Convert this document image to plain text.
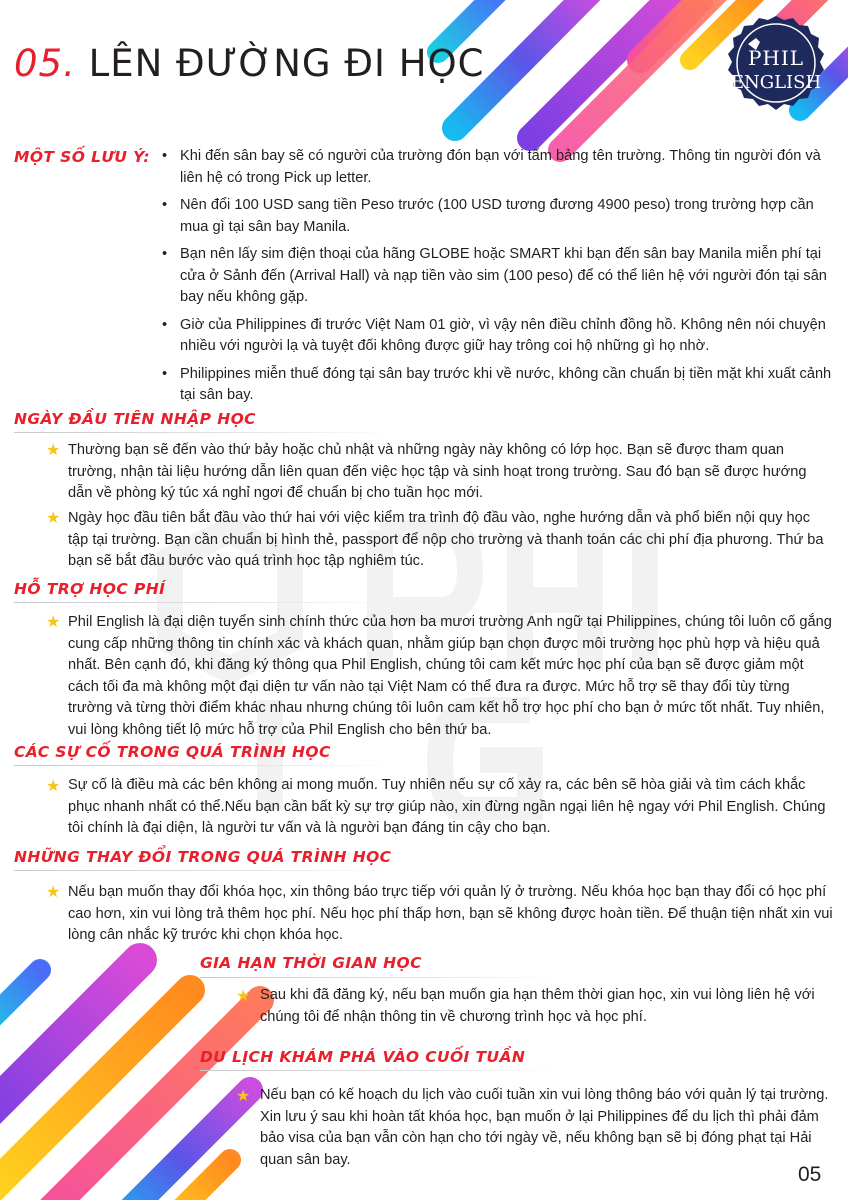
05. LÊN ĐƯỜNG ĐI HỌC	PHIL
ENGLISH
MỘT SỐ LƯU Ý: • Khi đến sân bay sẽ có người của trường đón bạn với tấm bảng tên trường. Thông tin người đón và liên hệ có trong Pick up letter.
• Nên đổi 100 USD sang tiền Peso trước (100 USD tương đương 4900 peso) trong trường hợp cần mua gì tại sân bay Manila.
• Bạn nên lấy sim điện thoại của hãng GLOBE hoặc SMART khi bạn đến sân bay Manila miễn phí tại cửa ở Sảnh đến (Arrival Hall) và nạp tiền vào sim (100 peso) để có thể liên hệ với người đón tại sân bay nếu không gặp.
• Giờ của Philippines đi trước Việt Nam 01 giờ, vì vậy nên điều chỉnh đồng hồ. Không nên nói chuyện nhiều với người lạ và tuyệt đối không được giữ hay trông coi hộ những gì họ nhờ.
• Philippines miễn thuế đóng tại sân bay trước khi về nước, không cần chuẩn bị tiền mặt khi xuất cảnh tại sân bay.
NGÀY ĐẦU TIÊN NHẬP HỌC
★ Thường bạn sẽ đến vào thứ bảy hoặc chủ nhật và những ngày này không có lớp học. Bạn sẽ được tham quan trường, nhận tài liệu hướng dẫn liên quan đến việc học tập và sinh hoạt trong trường. Sau đó bạn sẽ được hướng dẫn về phòng ký túc xá nghỉ ngơi để chuẩn bị cho tuần học mới.
★ Ngày học đầu tiên bắt đầu vào thứ hai với việc kiểm tra trình độ đầu vào, nghe hướng dẫn và phổ biến nội quy học tập tại trường. Bạn cần chuẩn bị hình thẻ, passport để nộp cho trường và thanh toán các chi phí địa phương. Thứ ba bạn sẽ bắt đầu bước vào quá trình học tập nghiêm túc.
HỖ TRỢ HỌC PHÍ
★ Phil English là đại diện tuyển sinh chính thức của hơn ba mươi trường Anh ngữ tại Philippines, chúng tôi luôn cố gắng cung cấp những thông tin chính xác và khách quan, nhằm giúp bạn chọn được môi trường học phù hợp và hiệu quả nhất. Bên cạnh đó, khi đăng ký thông qua Phil English, chúng tôi cam kết mức học phí của bạn sẽ được giảm một cách tối đa mà không một đại diện tư vấn nào tại Việt Nam có thể đưa ra được. Mức hỗ trợ sẽ thay đổi tùy từng trường và từng thời điểm khác nhau nhưng chúng tôi luôn cam kết hỗ trợ học phí cho bạn ở mức tốt nhất. Tuy nhiên, vui lòng không tiết lộ mức hỗ trợ của Phil English cho bên thứ ba.
CÁC SỰ CỐ TRONG QUÁ TRÌNH HỌC
★ Sự cố là điều mà các bên không ai mong muốn. Tuy nhiên nếu sự cố xảy ra, các bên sẽ hòa giải và tìm cách khắc phục nhanh nhất có thể.Nếu bạn cần bất kỳ sự trợ giúp nào, xin đừng ngần ngại liên hệ ngay với Phil English. Chúng tôi chính là đại diện, là người tư vấn và là người bạn đáng tin cậy cho bạn.
NHỮNG THAY ĐỔI TRONG QUÁ TRÌNH HỌC
★ Nếu bạn muốn thay đổi khóa học, xin thông báo trực tiếp với quản lý ở trường. Nếu khóa học bạn thay đổi có học phí cao hơn, xin vui lòng trả thêm học phí. Nếu học phí thấp hơn, bạn sẽ không được hoàn tiền. Để thuận tiện nhất xin vui lòng cân nhắc kỹ trước khi chọn khóa học.
GIA HẠN THỜI GIAN HỌC
★ Sau khi đã đăng ký, nếu bạn muốn gia hạn thêm thời gian học, xin vui lòng liên hệ với chúng tôi để nhận thông tin về chương trình học và học phí.
DU LỊCH KHÁM PHÁ VÀO CUỐI TUẦN
★ Nếu bạn có kế hoạch du lịch vào cuối tuần xin vui lòng thông báo với quản lý tại trường. Xin lưu ý sau khi hoàn tất khóa học, bạn muốn ở lại Philippines để du lịch thì phải đảm bảo visa của bạn vẫn còn hạn cho tới ngày về, nếu không bạn sẽ bị đóng phạt tại Hải quan sân bay.
05
